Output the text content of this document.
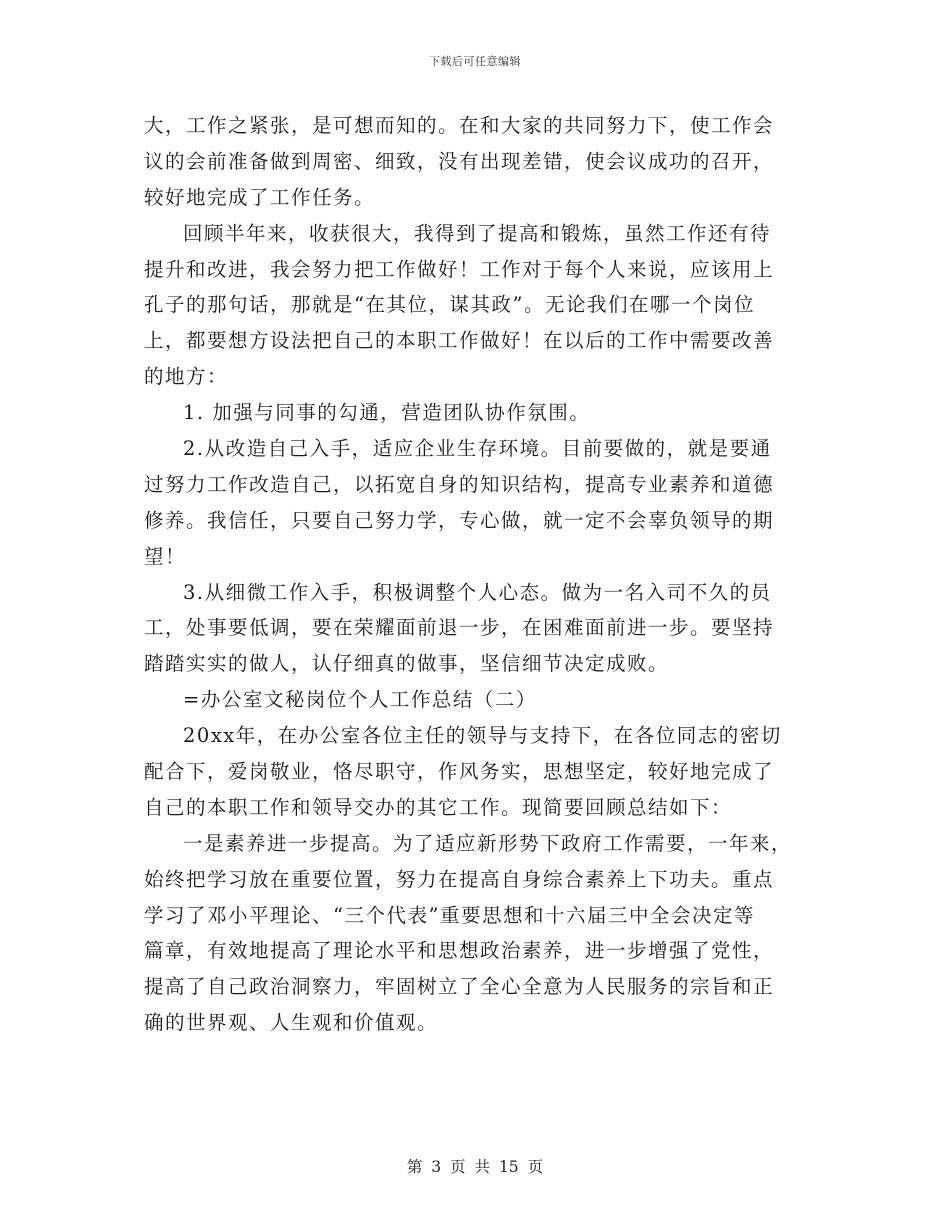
下载后可任意编辑
大，工作之紧张，是可想而知的。在和大家的共同努力下，使工作会
议的会前准备做到周密、细致，没有出现差错，使会议成功的召开，
较好地完成了工作任务。
回顾半年来，收获很大，我得到了提高和锻炼，虽然工作还有待
提升和改进，我会努力把工作做好！工作对于每个人来说，应该用上
孔子的那句话，那就是“在其位，谋其政”。无论我们在哪一个岗位
上，都要想方设法把自己的本职工作做好！在以后的工作中需要改善
的地方：
1. 加强与同事的勾通，营造团队协作氛围。
2.从改造自己入手，适应企业生存环境。目前要做的，就是要通
过努力工作改造自己，以拓宽自身的知识结构，提高专业素养和道德
修养。我信任，只要自己努力学，专心做，就一定不会辜负领导的期
望！
3.从细微工作入手，积极调整个人心态。做为一名入司不久的员
工，处事要低调，要在荣耀面前退一步，在困难面前进一步。要坚持
踏踏实实的做人，认仔细真的做事，坚信细节决定成败。
=办公室文秘岗位个人工作总结（二）
20xx年，在办公室各位主任的领导与支持下，在各位同志的密切
配合下，爱岗敬业，恪尽职守，作风务实，思想坚定，较好地完成了
自己的本职工作和领导交办的其它工作。现简要回顾总结如下：
一是素养进一步提高。为了适应新形势下政府工作需要，一年来，
始终把学习放在重要位置，努力在提高自身综合素养上下功夫。重点
学习了邓小平理论、“三个代表”重要思想和十六届三中全会决定等
篇章，有效地提高了理论水平和思想政治素养，进一步增强了党性，
提高了自己政治洞察力，牢固树立了全心全意为人民服务的宗旨和正
确的世界观、人生观和价值观。
第 3 页 共 15 页
